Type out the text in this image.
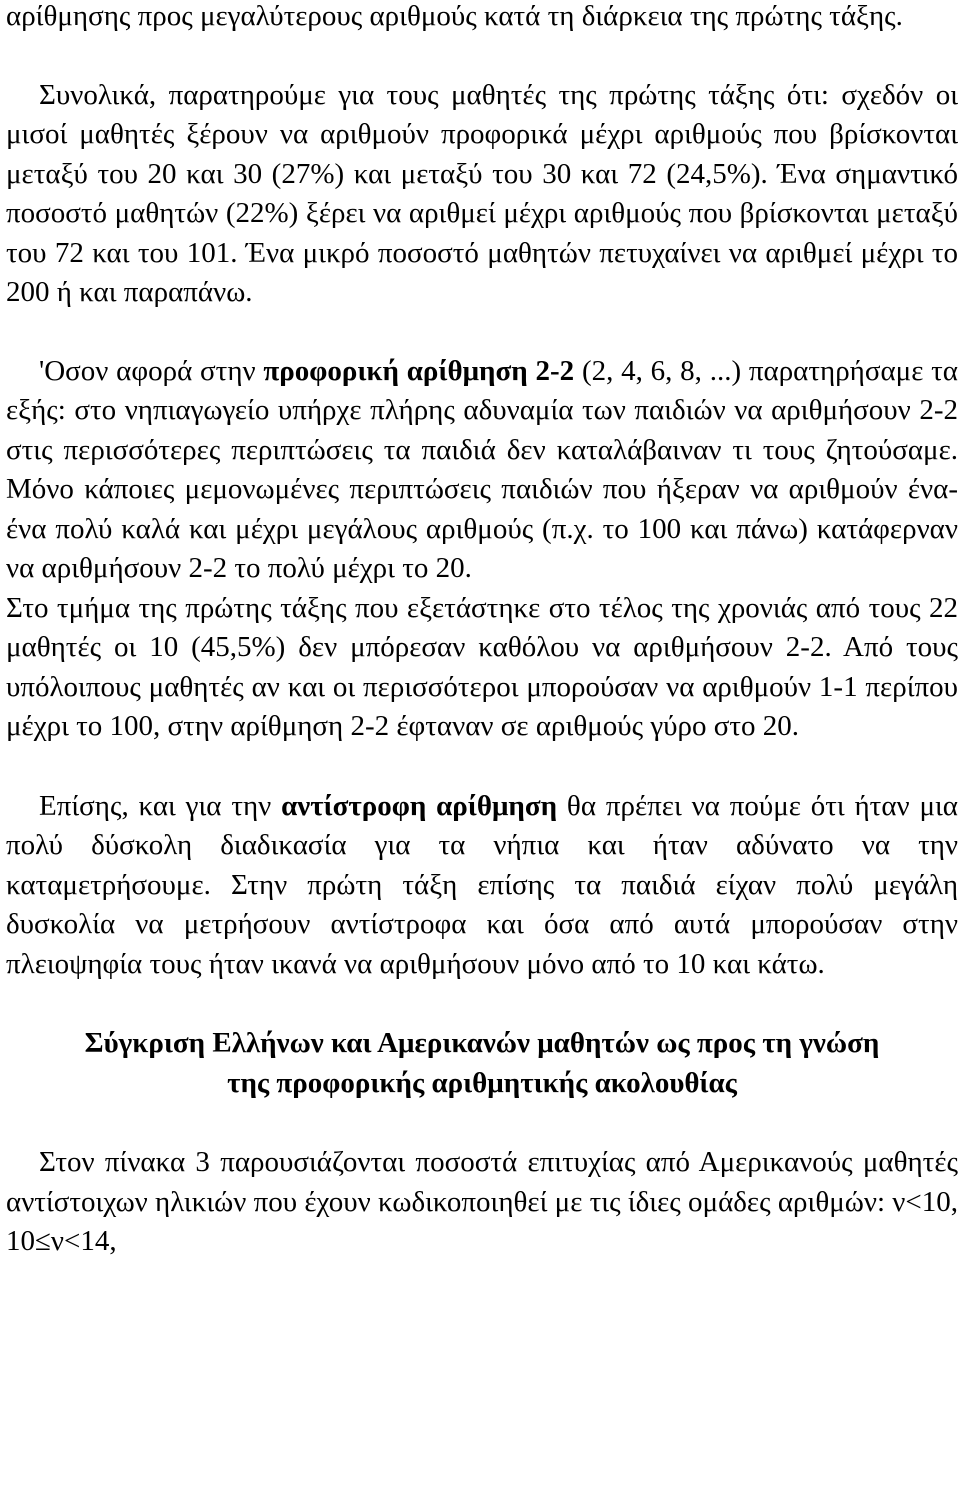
αρίθμησης προς μεγαλύτερους αριθμούς κατά τη διάρκεια της πρώτης τάξης.

Συνολικά, παρατηρούμε για τους μαθητές της πρώτης τάξης ότι: σχεδόν οι μισοί μαθητές ξέρουν να αριθμούν προφορικά μέχρι αριθμούς που βρίσκονται μεταξύ του 20 και 30 (27%) και μεταξύ του 30 και 72 (24,5%). Ένα σημαντικό ποσοστό μαθητών (22%) ξέρει να αριθμεί μέχρι αριθμούς που βρίσκονται μεταξύ του 72 και του 101. Ένα μικρό ποσοστό μαθητών πετυχαίνει να αριθμεί μέχρι το 200 ή και παραπάνω.

'Οσον αφορά στην προφορική αρίθμηση 2-2 (2, 4, 6, 8, ...) παρατηρήσαμε τα εξής: στο νηπιαγωγείο υπήρχε πλήρης αδυναμία των παιδιών να αριθμήσουν 2-2 στις περισσότερες περιπτώσεις τα παιδιά δεν καταλάβαιναν τι τους ζητούσαμε. Μόνο κάποιες μεμονωμένες περιπτώσεις παιδιών που ήξεραν να αριθμούν ένα-ένα πολύ καλά και μέχρι μεγάλους αριθμούς (π.χ. το 100 και πάνω) κατάφερναν να αριθμήσουν 2-2 το πολύ μέχρι το 20.

Στο τμήμα της πρώτης τάξης που εξετάστηκε στο τέλος της χρονιάς από τους 22 μαθητές οι 10 (45,5%) δεν μπόρεσαν καθόλου να αριθμήσουν 2-2. Από τους υπόλοιπους μαθητές αν και οι περισσότεροι μπορούσαν να αριθμούν 1-1 περίπου μέχρι το 100, στην αρίθμηση 2-2 έφταναν σε αριθμούς γύρο στο 20.

Επίσης, και για την αντίστροφη αρίθμηση θα πρέπει να πούμε ότι ήταν μια πολύ δύσκολη διαδικασία για τα νήπια και ήταν αδύνατο να την καταμετρήσουμε. Στην πρώτη τάξη επίσης τα παιδιά είχαν πολύ μεγάλη δυσκολία να μετρήσουν αντίστροφα και όσα από αυτά μπορούσαν στην πλειοψηφία τους ήταν ικανά να αριθμήσουν μόνο από το 10 και κάτω.

Σύγκριση Ελλήνων και Αμερικανών μαθητών ως προς τη γνώση
της προφορικής αριθμητικής ακολουθίας

Στον πίνακα 3 παρουσιάζονται ποσοστά επιτυχίας από Αμερικανούς μαθητές αντίστοιχων ηλικιών που έχουν κωδικοποιηθεί με τις ίδιες ομάδες αριθμών: ν<10, 10≤ν<14,
